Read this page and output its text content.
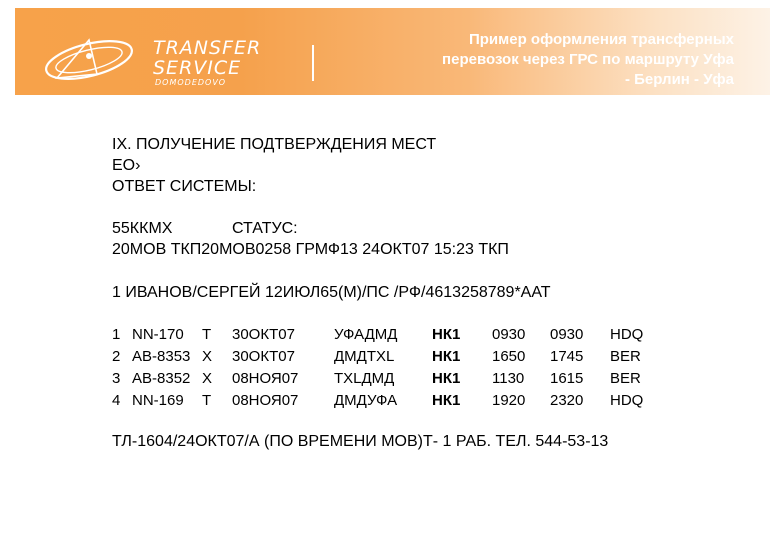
TRANSFER
SERVICE
DOMODEDOVO
Пример оформления трансферных
перевозок через ГРС по маршруту Уфа
- Берлин - Уфа
IX. ПОЛУЧЕНИЕ ПОДТВЕРЖДЕНИЯ МЕСТ
ЕО›
ОТВЕТ СИСТЕМЫ:
55ККМХ	СТАТУС:
20МОВ ТКП20МОВ0258 ГРМФ13 24ОКТ07 15:23 ТКП
1 ИВАНОВ/СЕРГЕЙ 12ИЮЛ65(М)/ПС /РФ/4613258789*ААТ
1	NN-170	T	30ОКТ07	УФАДМД	НК1	0930	0930	HDQ
2	AB-8353	X	30ОКТ07	ДМДТXL	НК1	1650	1745	BER
3	AB-8352	X	08НОЯ07	TXLДМД	НК1	1130	1615	BER
4	NN-169	T	08НОЯ07	ДМДУФА	НК1	1920	2320	HDQ
ТЛ-1604/24ОКТ07/А (ПО ВРЕМЕНИ МОВ)Т- 1 РАБ. ТЕЛ. 544-53-13
